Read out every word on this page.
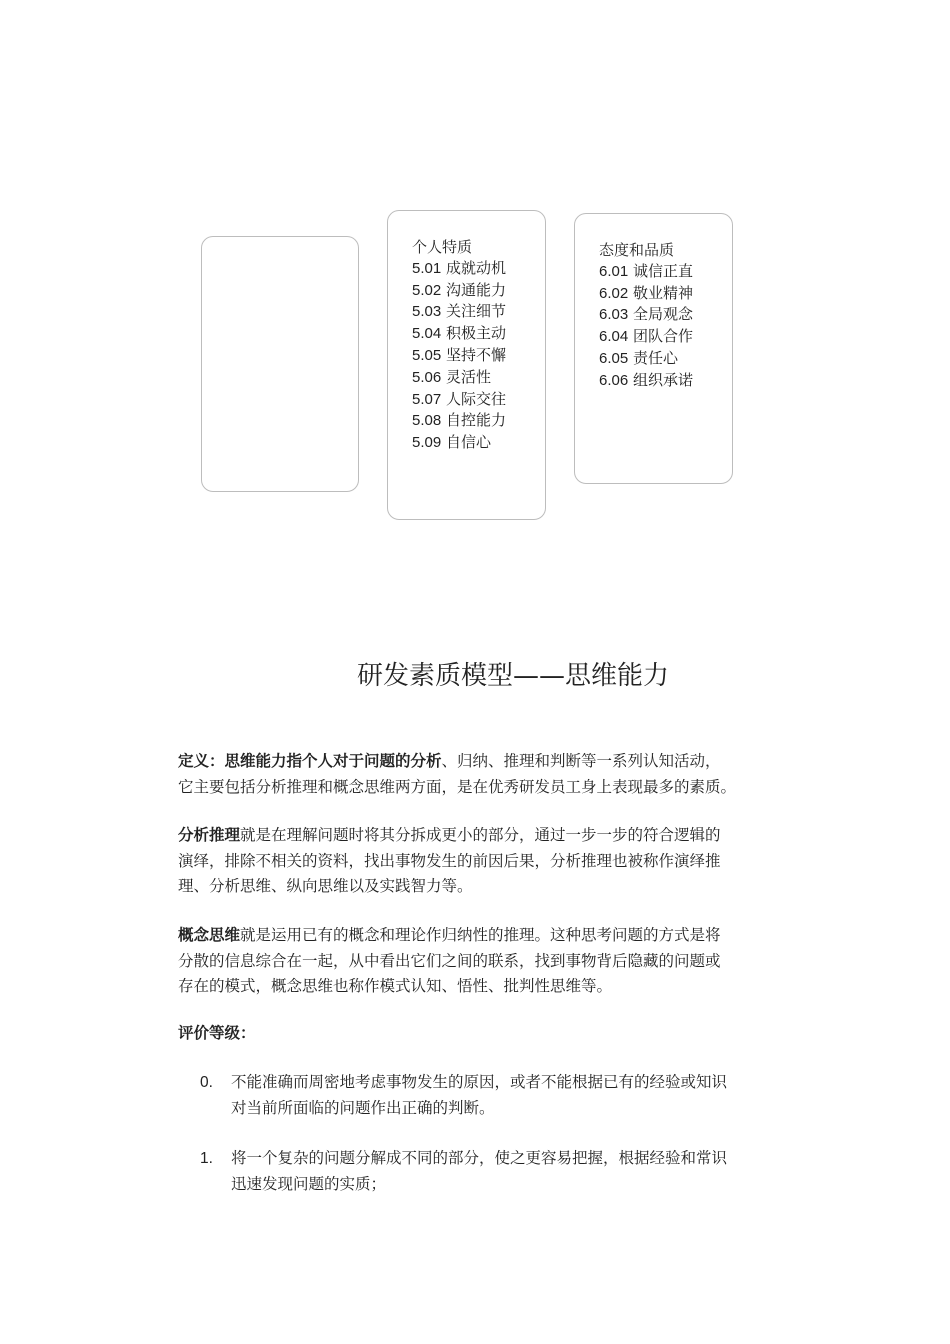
个人特质
5.01 成就动机
5.02 沟通能力
5.03 关注细节
5.04 积极主动
5.05 坚持不懈
5.06 灵活性
5.07 人际交往
5.08 自控能力
5.09 自信心
态度和品质
6.01 诚信正直
6.02 敬业精神
6.03 全局观念
6.04 团队合作
6.05 责任心
6.06 组织承诺
研发素质模型——思维能力

定义：思维能力指个人对于问题的分析、归纳、推理和判断等一系列认知活动，

它主要包括分析推理和概念思维两方面，是在优秀研发员工身上表现最多的素质。

分析推理就是在理解问题时将其分拆成更小的部分，通过一步一步的符合逻辑的

演绎，排除不相关的资料，找出事物发生的前因后果，分析推理也被称作演绎推

理、分析思维、纵向思维以及实践智力等。

概念思维就是运用已有的概念和理论作归纳性的推理。这种思考问题的方式是将

分散的信息综合在一起，从中看出它们之间的联系，找到事物背后隐藏的问题或

存在的模式，概念思维也称作模式认知、悟性、批判性思维等。

评价等级：

0.	不能准确而周密地考虑事物发生的原因，或者不能根据已有的经验或知识

对当前所面临的问题作出正确的判断。

1.	将一个复杂的问题分解成不同的部分，使之更容易把握，根据经验和常识

迅速发现问题的实质；
